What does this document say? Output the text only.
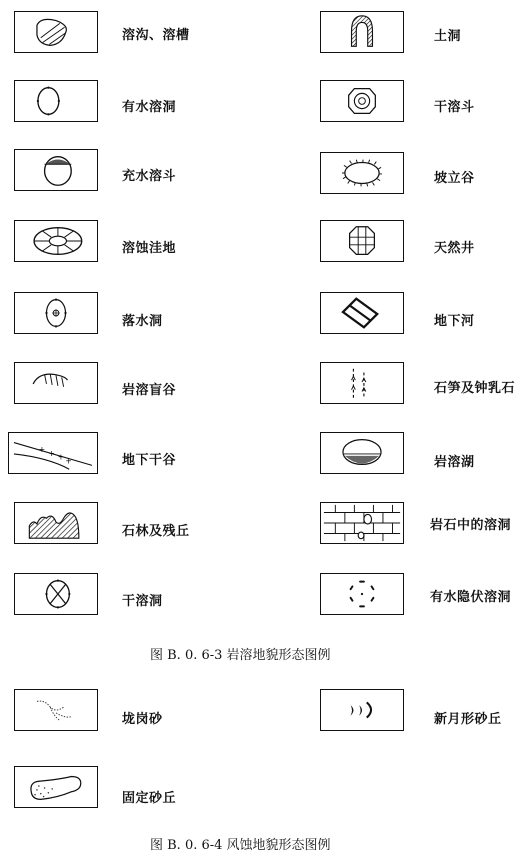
溶沟、溶槽
有水溶洞
充水溶斗
溶蚀洼地
落水洞
岩溶盲谷
+ + + +	地下干谷
石林及残丘
干溶洞
土洞
干溶斗
坡立谷
天然井
地下河
石笋及钟乳石
岩溶湖
岩石中的溶洞
有水隐伏溶洞
图 B. 0. 6-3 岩溶地貌形态图例
垅岗砂	新月形砂丘
固定砂丘
图 B. 0. 6-4 风蚀地貌形态图例
